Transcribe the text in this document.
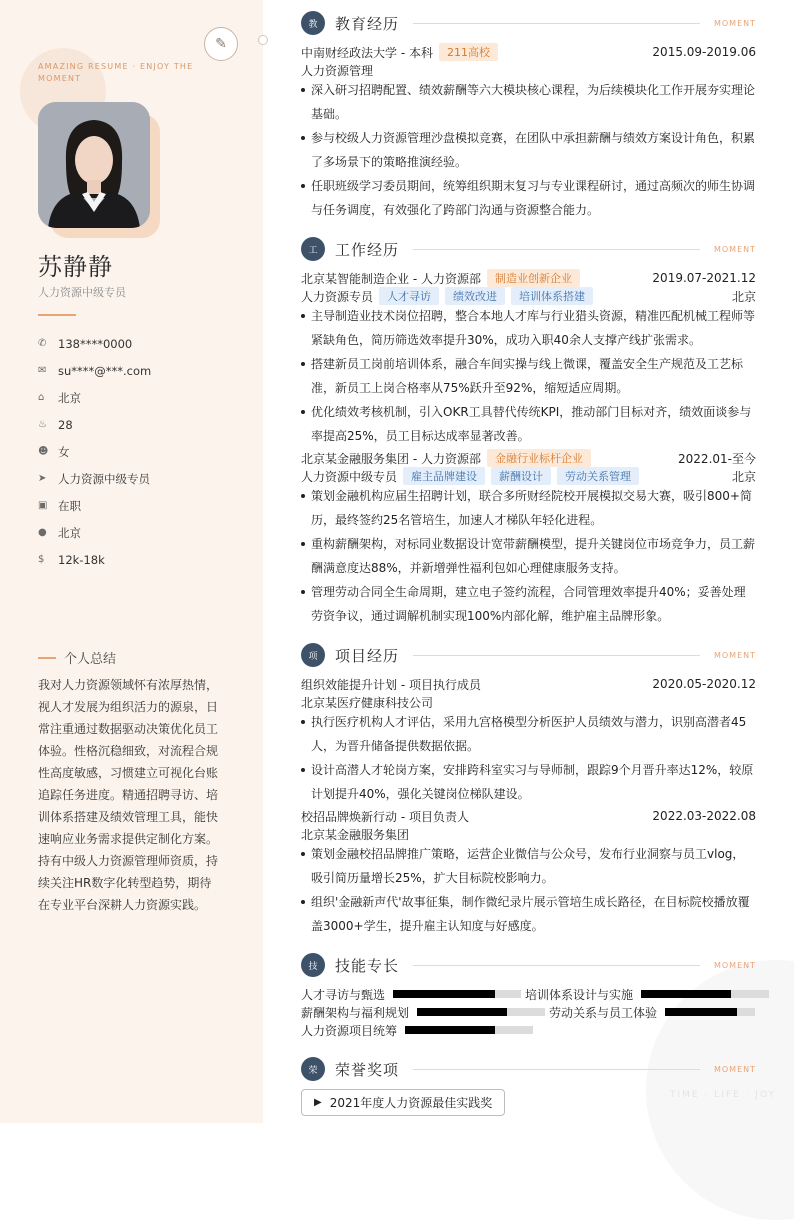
AMAZING RESUME · ENJOY THE MOMENT
✎
苏静静
人力资源中级专员
✆	138****0000
✉	su****@***.com
⌂	北京
♨ 28
☻ 女
➤	人力资源中级专员
▣ 在职
● 北京
$	12k-18k
个人总结
我对人力资源领域怀有浓厚热情，视人才发展为组织活力的源泉，日常注重通过数据驱动决策优化员工体验。性格沉稳细致，对流程合规性高度敏感，习惯建立可视化台账追踪任务进度。精通招聘寻访、培训体系搭建及绩效管理工具，能快速响应业务需求提供定制化方案。持有中级人力资源管理师资质，持续关注HR数字化转型趋势，期待在专业平台深耕人力资源实践。
TIME · LIFE · JOY
教	教育经历	MOMENT
中南财经政法大学 - 本科	211高校	2015.09-2019.06
人力资源管理
深入研习招聘配置、绩效薪酬等六大模块核心课程，为后续模块化工作开展夯实理论基础。
参与校级人力资源管理沙盘模拟竞赛，在团队中承担薪酬与绩效方案设计角色，积累了多场景下的策略推演经验。
任职班级学习委员期间，统筹组织期末复习与专业课程研讨，通过高频次的师生协调与任务调度，有效强化了跨部门沟通与资源整合能力。
工	工作经历	MOMENT
北京某智能制造企业 - 人力资源部	制造业创新企业	2019.07-2021.12
人力资源专员	人才寻访	绩效改进	培训体系搭建	北京
主导制造业技术岗位招聘，整合本地人才库与行业猎头资源，精准匹配机械工程师等紧缺角色，简历筛选效率提升30%，成功入职40余人支撑产线扩张需求。
搭建新员工岗前培训体系，融合车间实操与线上微课，覆盖安全生产规范及工艺标准，新员工上岗合格率从75%跃升至92%，缩短适应周期。
优化绩效考核机制，引入OKR工具替代传统KPI，推动部门目标对齐，绩效面谈参与率提高25%，员工目标达成率显著改善。
北京某金融服务集团 - 人力资源部	金融行业标杆企业	2022.01-至今
人力资源中级专员	雇主品牌建设	薪酬设计	劳动关系管理	北京
策划金融机构应届生招聘计划，联合多所财经院校开展模拟交易大赛，吸引800+简历，最终签约25名管培生，加速人才梯队年轻化进程。
重构薪酬架构，对标同业数据设计宽带薪酬模型，提升关键岗位市场竞争力，员工薪酬满意度达88%，并新增弹性福利包如心理健康服务支持。
管理劳动合同全生命周期，建立电子签约流程，合同管理效率提升40%；妥善处理劳资争议，通过调解机制实现100%内部化解，维护雇主品牌形象。
项	项目经历	MOMENT
组织效能提升计划 - 项目执行成员	2020.05-2020.12
北京某医疗健康科技公司
执行医疗机构人才评估，采用九宫格模型分析医护人员绩效与潜力，识别高潜者45人，为晋升储备提供数据依据。
设计高潜人才轮岗方案，安排跨科室实习与导师制，跟踪9个月晋升率达12%，较原计划提升40%，强化关键岗位梯队建设。
校招品牌焕新行动 - 项目负责人	2022.03-2022.08
北京某金融服务集团
策划金融校招品牌推广策略，运营企业微信与公众号，发布行业洞察与员工vlog，吸引简历量增长25%，扩大目标院校影响力。
组织'金融新声代'故事征集，制作微纪录片展示管培生成长路径，在目标院校播放覆盖3000+学生，提升雇主认知度与好感度。
技	技能专长	MOMENT
人才寻访与甄选	培训体系设计与实施
薪酬架构与福利规划	劳动关系与员工体验
人力资源项目统筹
荣	荣誉奖项	MOMENT
▶ 2021年度人力资源最佳实践奖
